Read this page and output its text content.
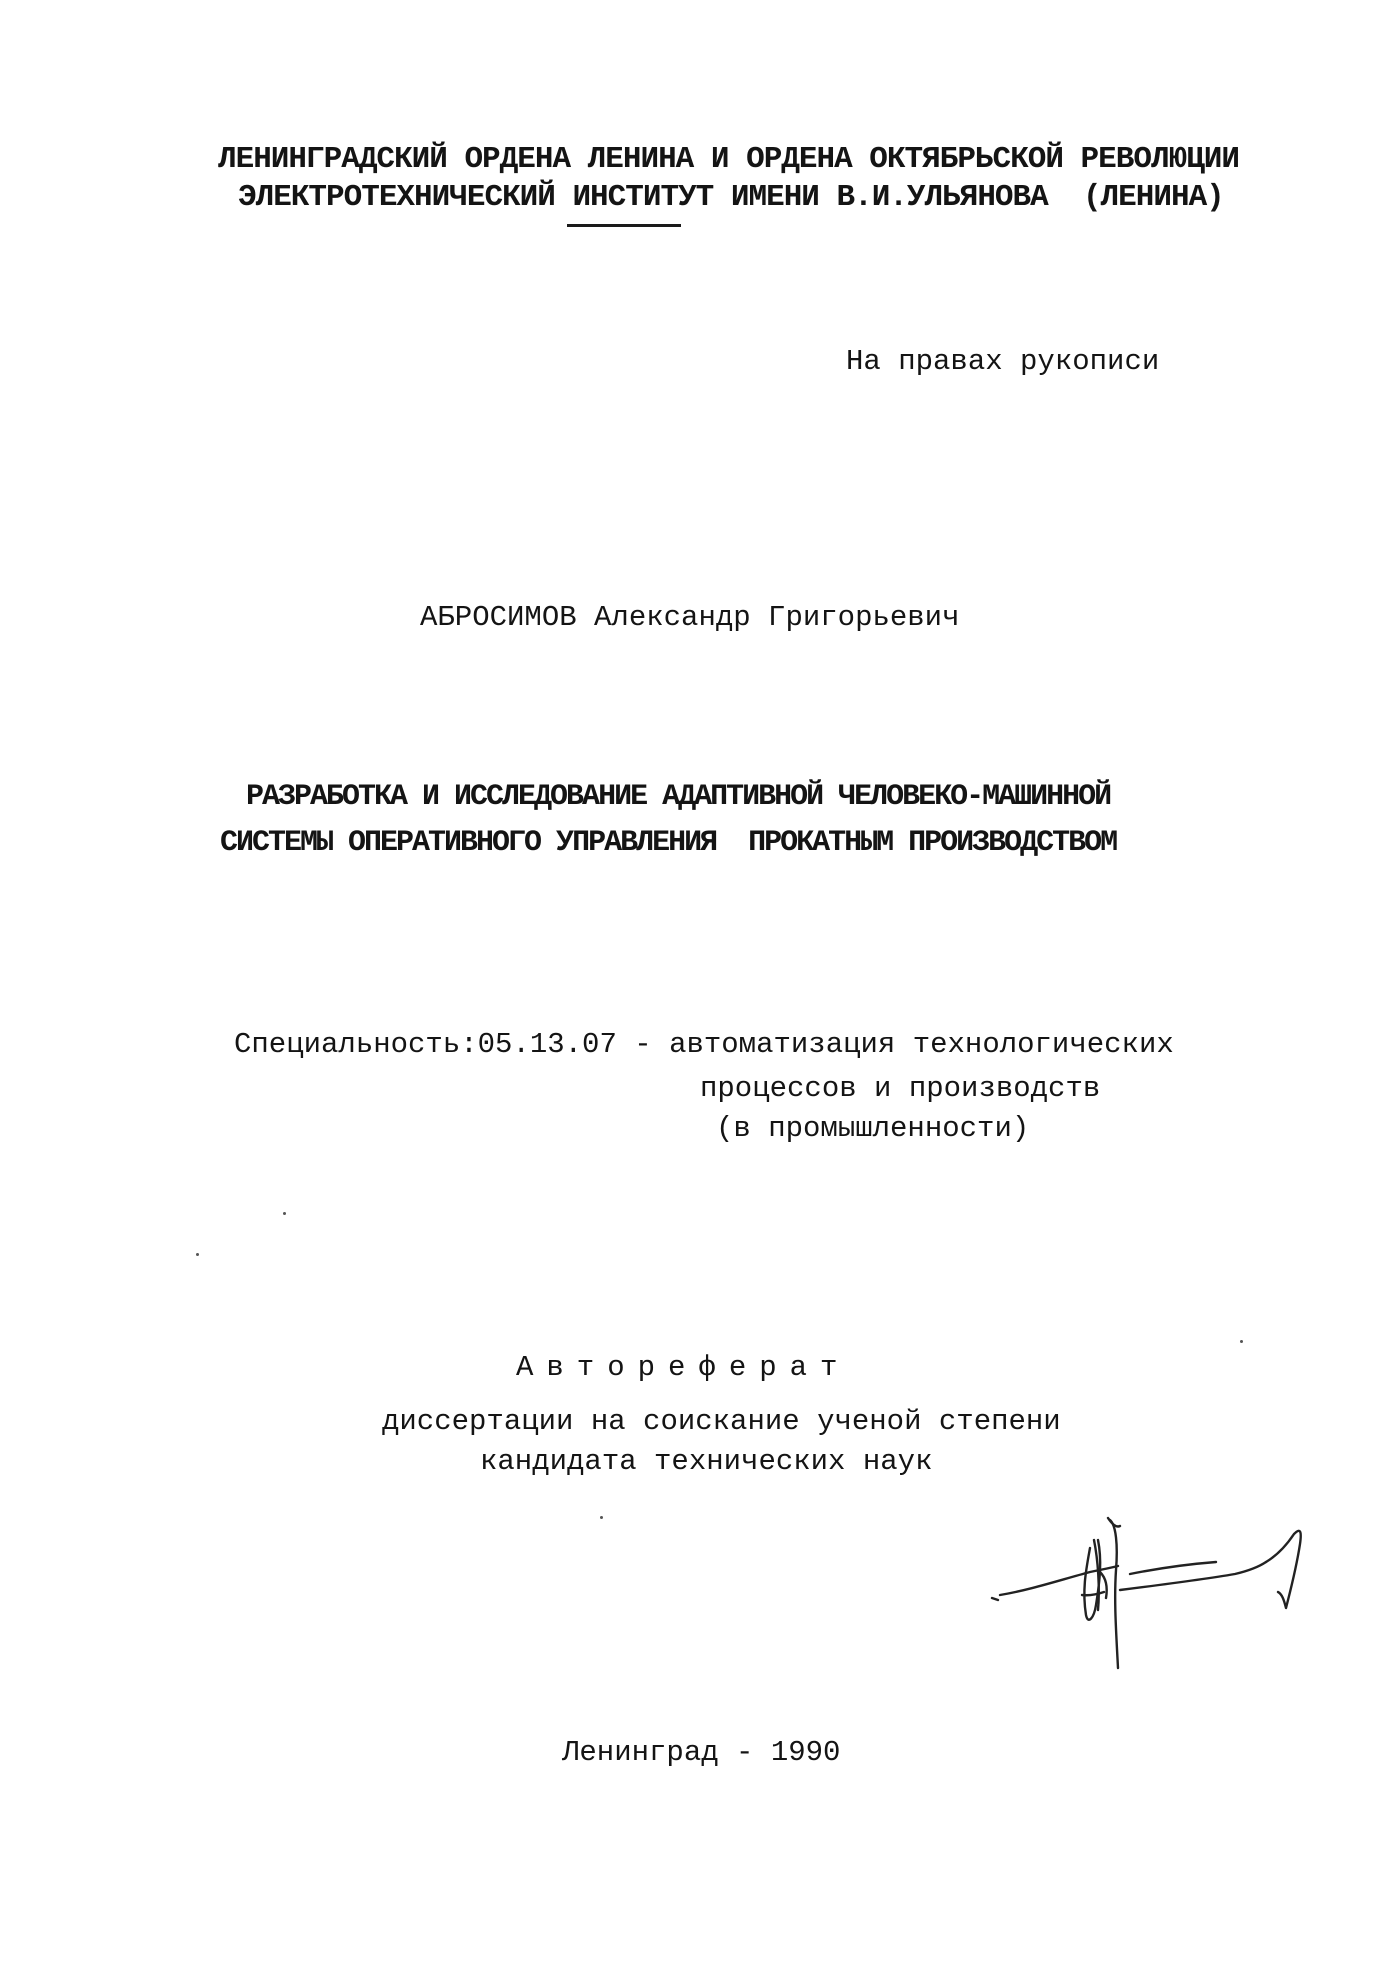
ЛЕНИНГРАДСКИЙ ОРДЕНА ЛЕНИНА И ОРДЕНА ОКТЯБРЬСКОЙ РЕВОЛЮЦИИ
ЭЛЕКТРОТЕХНИЧЕСКИЙ ИНСТИТУТ ИМЕНИ В.И.УЛЬЯНОВА  (ЛЕНИНА)
На правах рукописи
АБРОСИМОВ Александр Григорьевич
РАЗРАБОТКА И ИССЛЕДОВАНИЕ АДАПТИВНОЙ ЧЕЛОВЕКО-МАШИННОЙ
СИСТЕМЫ ОПЕРАТИВНОГО УПРАВЛЕНИЯ  ПРОКАТНЫМ ПРОИЗВОДСТВОМ
Специальность:05.13.07 - автоматизация технологических
процессов и производств
(в промышленности)
Автореферат
диссертации на соискание ученой степени
кандидата технических наук
Ленинград - 1990
